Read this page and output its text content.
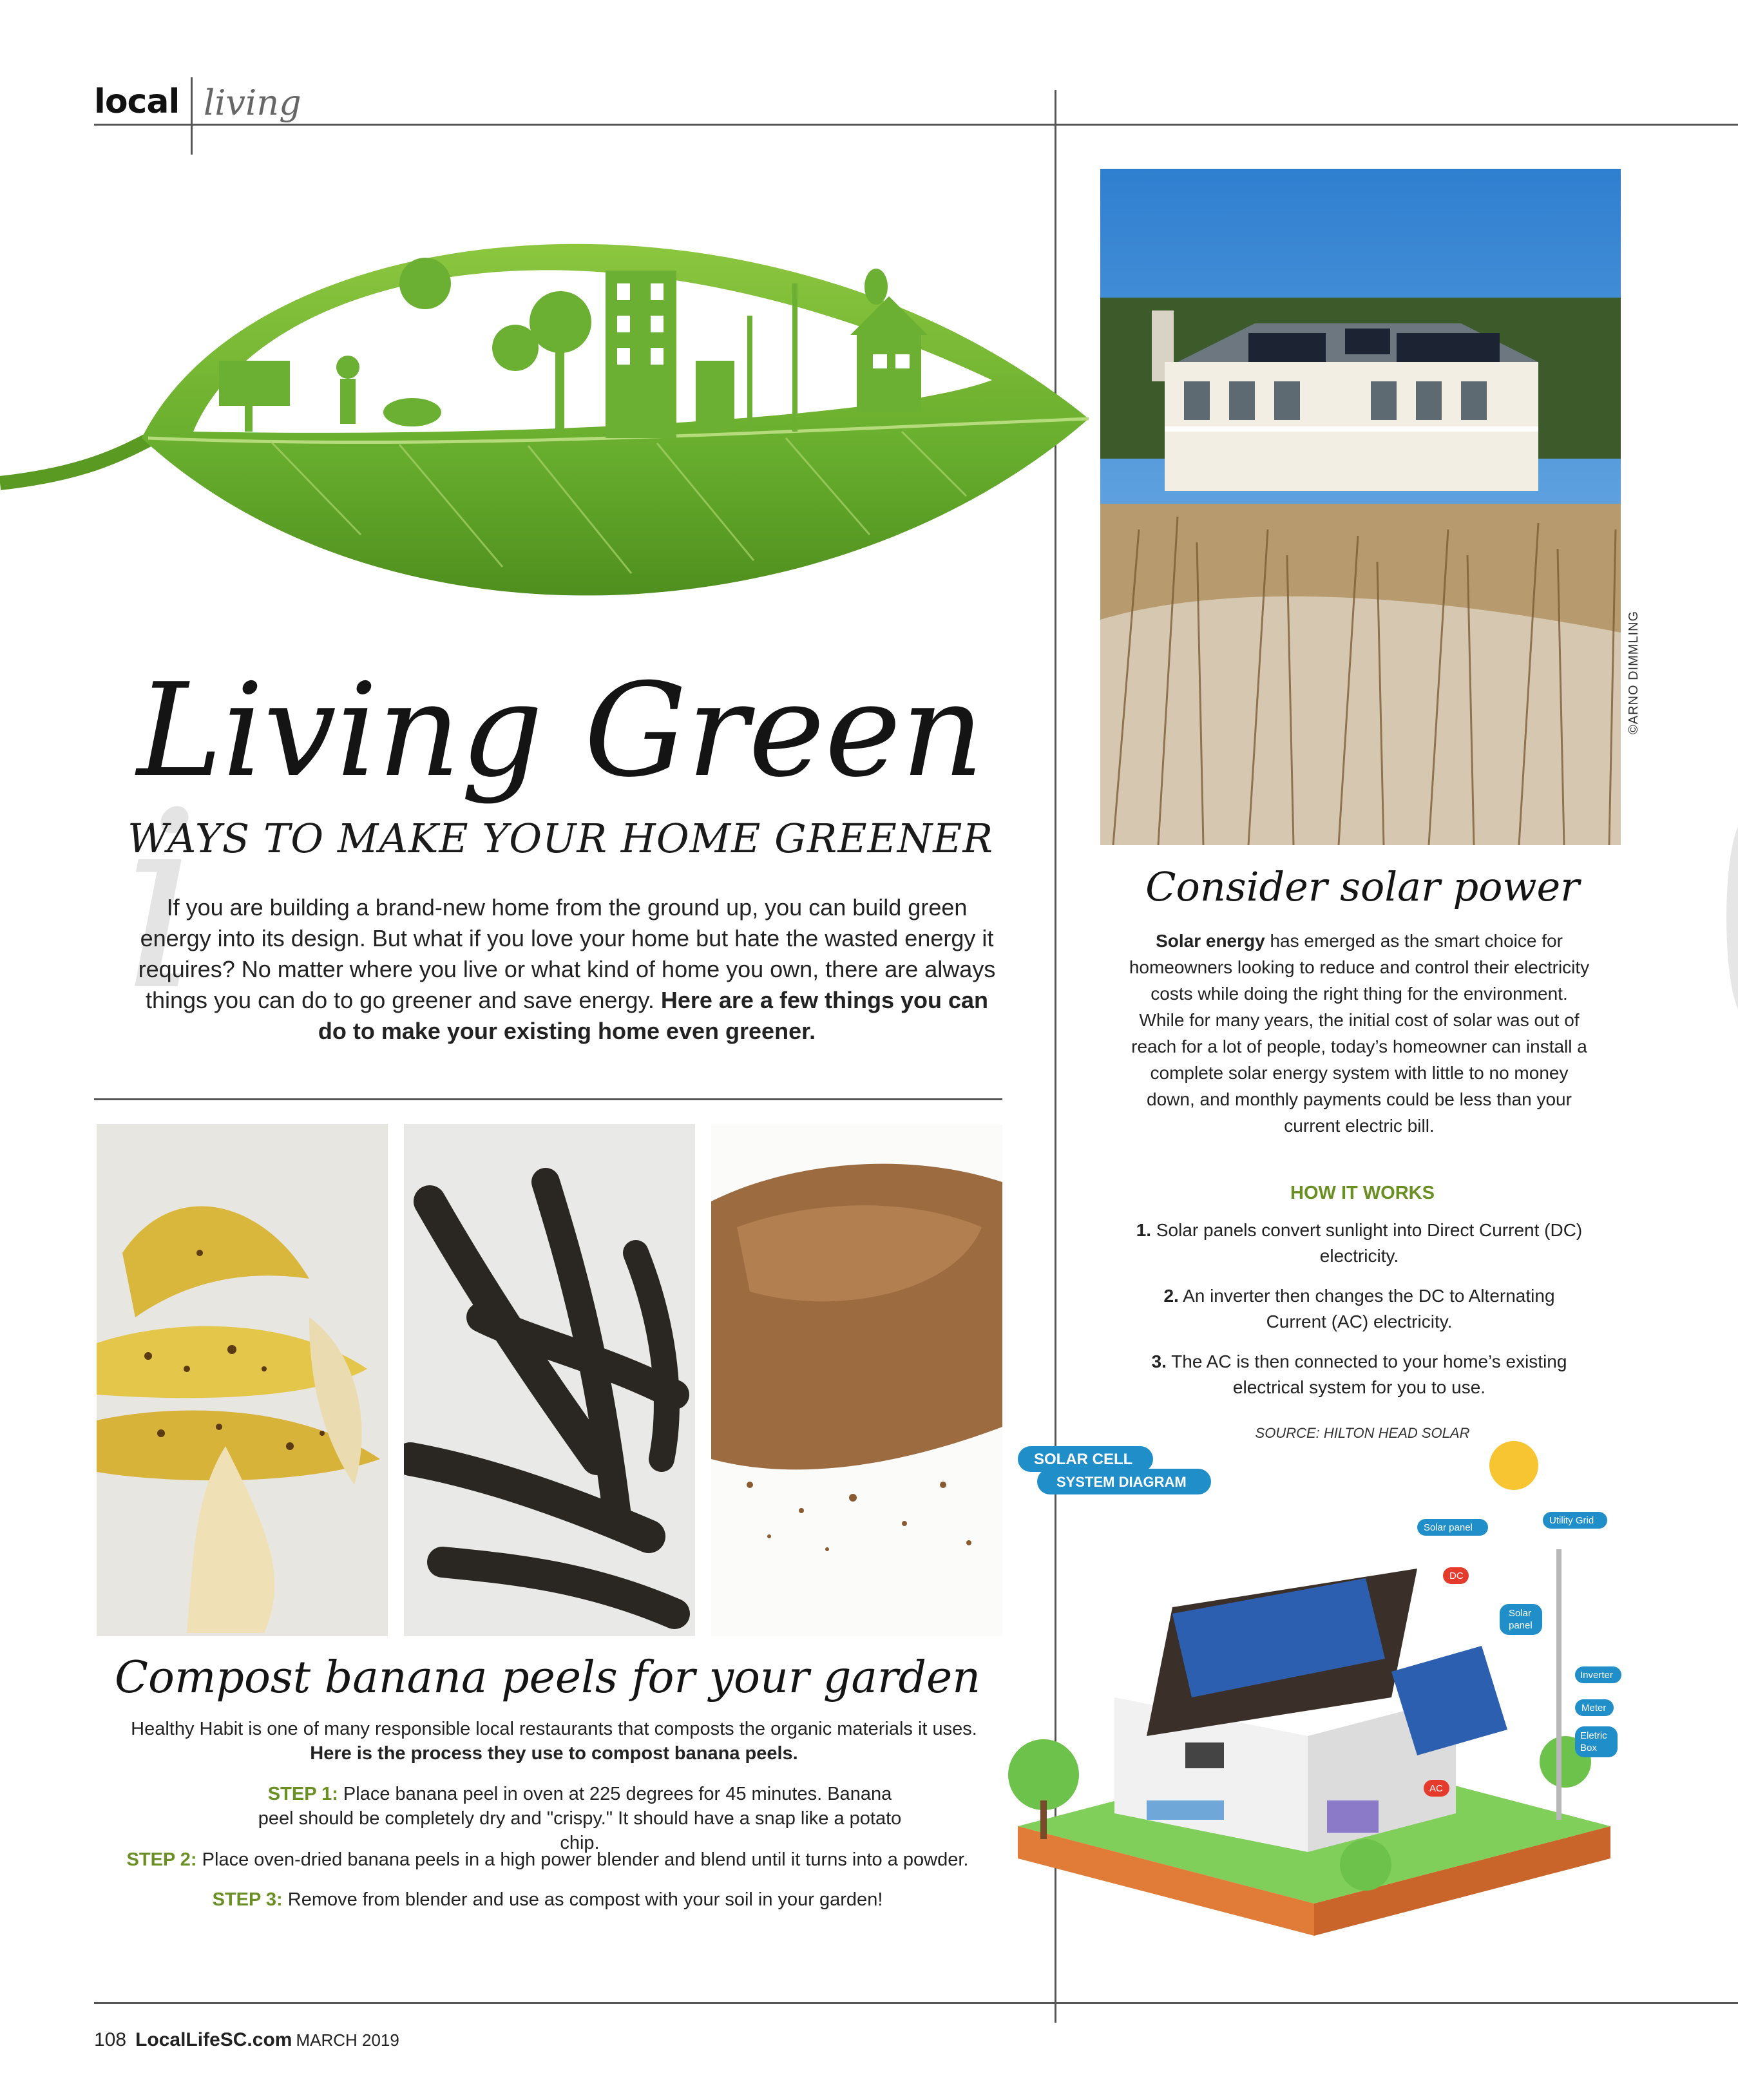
local living
i
Living Green
WAYS TO MAKE YOUR HOME GREENER
If you are building a brand-new home from the ground up, you can build green energy into its design. But what if you love your home but hate the wasted energy it requires? No matter where you live or what kind of home you own, there are always things you can do to go greener and save energy. Here are a few things you can do to make your existing home even greener.
Compost banana peels for your garden
Healthy Habit is one of many responsible local restaurants that composts the organic materials it uses. Here is the process they use to compost banana peels.
STEP 1: Place banana peel in oven at 225 degrees for 45 minutes. Banana peel should be completely dry and "crispy." It should have a snap like a potato chip.
STEP 2: Place oven-dried banana peels in a high power blender and blend until it turns into a powder.
STEP 3: Remove from blender and use as compost with your soil in your garden!
©ARNO DIMMLING
Consider solar power
Solar energy has emerged as the smart choice for homeowners looking to reduce and control their electricity costs while doing the right thing for the environment. While for many years, the initial cost of solar was out of reach for a lot of people, today’s homeowner can install a complete solar energy system with little to no money down, and monthly payments could be less than your current electric bill.
HOW IT WORKS
1. Solar panels convert sunlight into Direct Current (DC) electricity.
2. An inverter then changes the DC to Alternating Current (AC) electricity.
3. The AC is then connected to your home’s existing electrical system for you to use.
SOURCE: HILTON HEAD SOLAR
SOLAR CELL
SYSTEM DIAGRAM
Utility Grid
Solar panel
DC
Solar
panel
Inverter
Meter
Eletric
Box
AC
108 LocalLifeSC.com MARCH 2019
